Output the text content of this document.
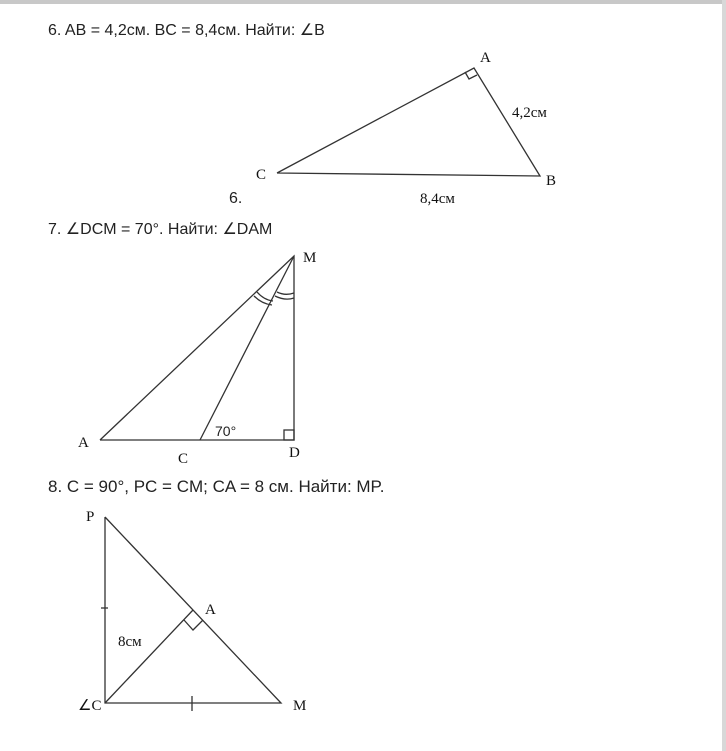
6. AB = 4,2см. BC = 8,4см. Найти: ∠B
7. ∠DCM = 70°. Найти: ∠DAM
8. C = 90°, PC = CM; CA = 8 см. Найти: MP.
A
4,2см
C	B
6.	8,4см
M
A
C	D
70°
P
A
8см
∠C	M
